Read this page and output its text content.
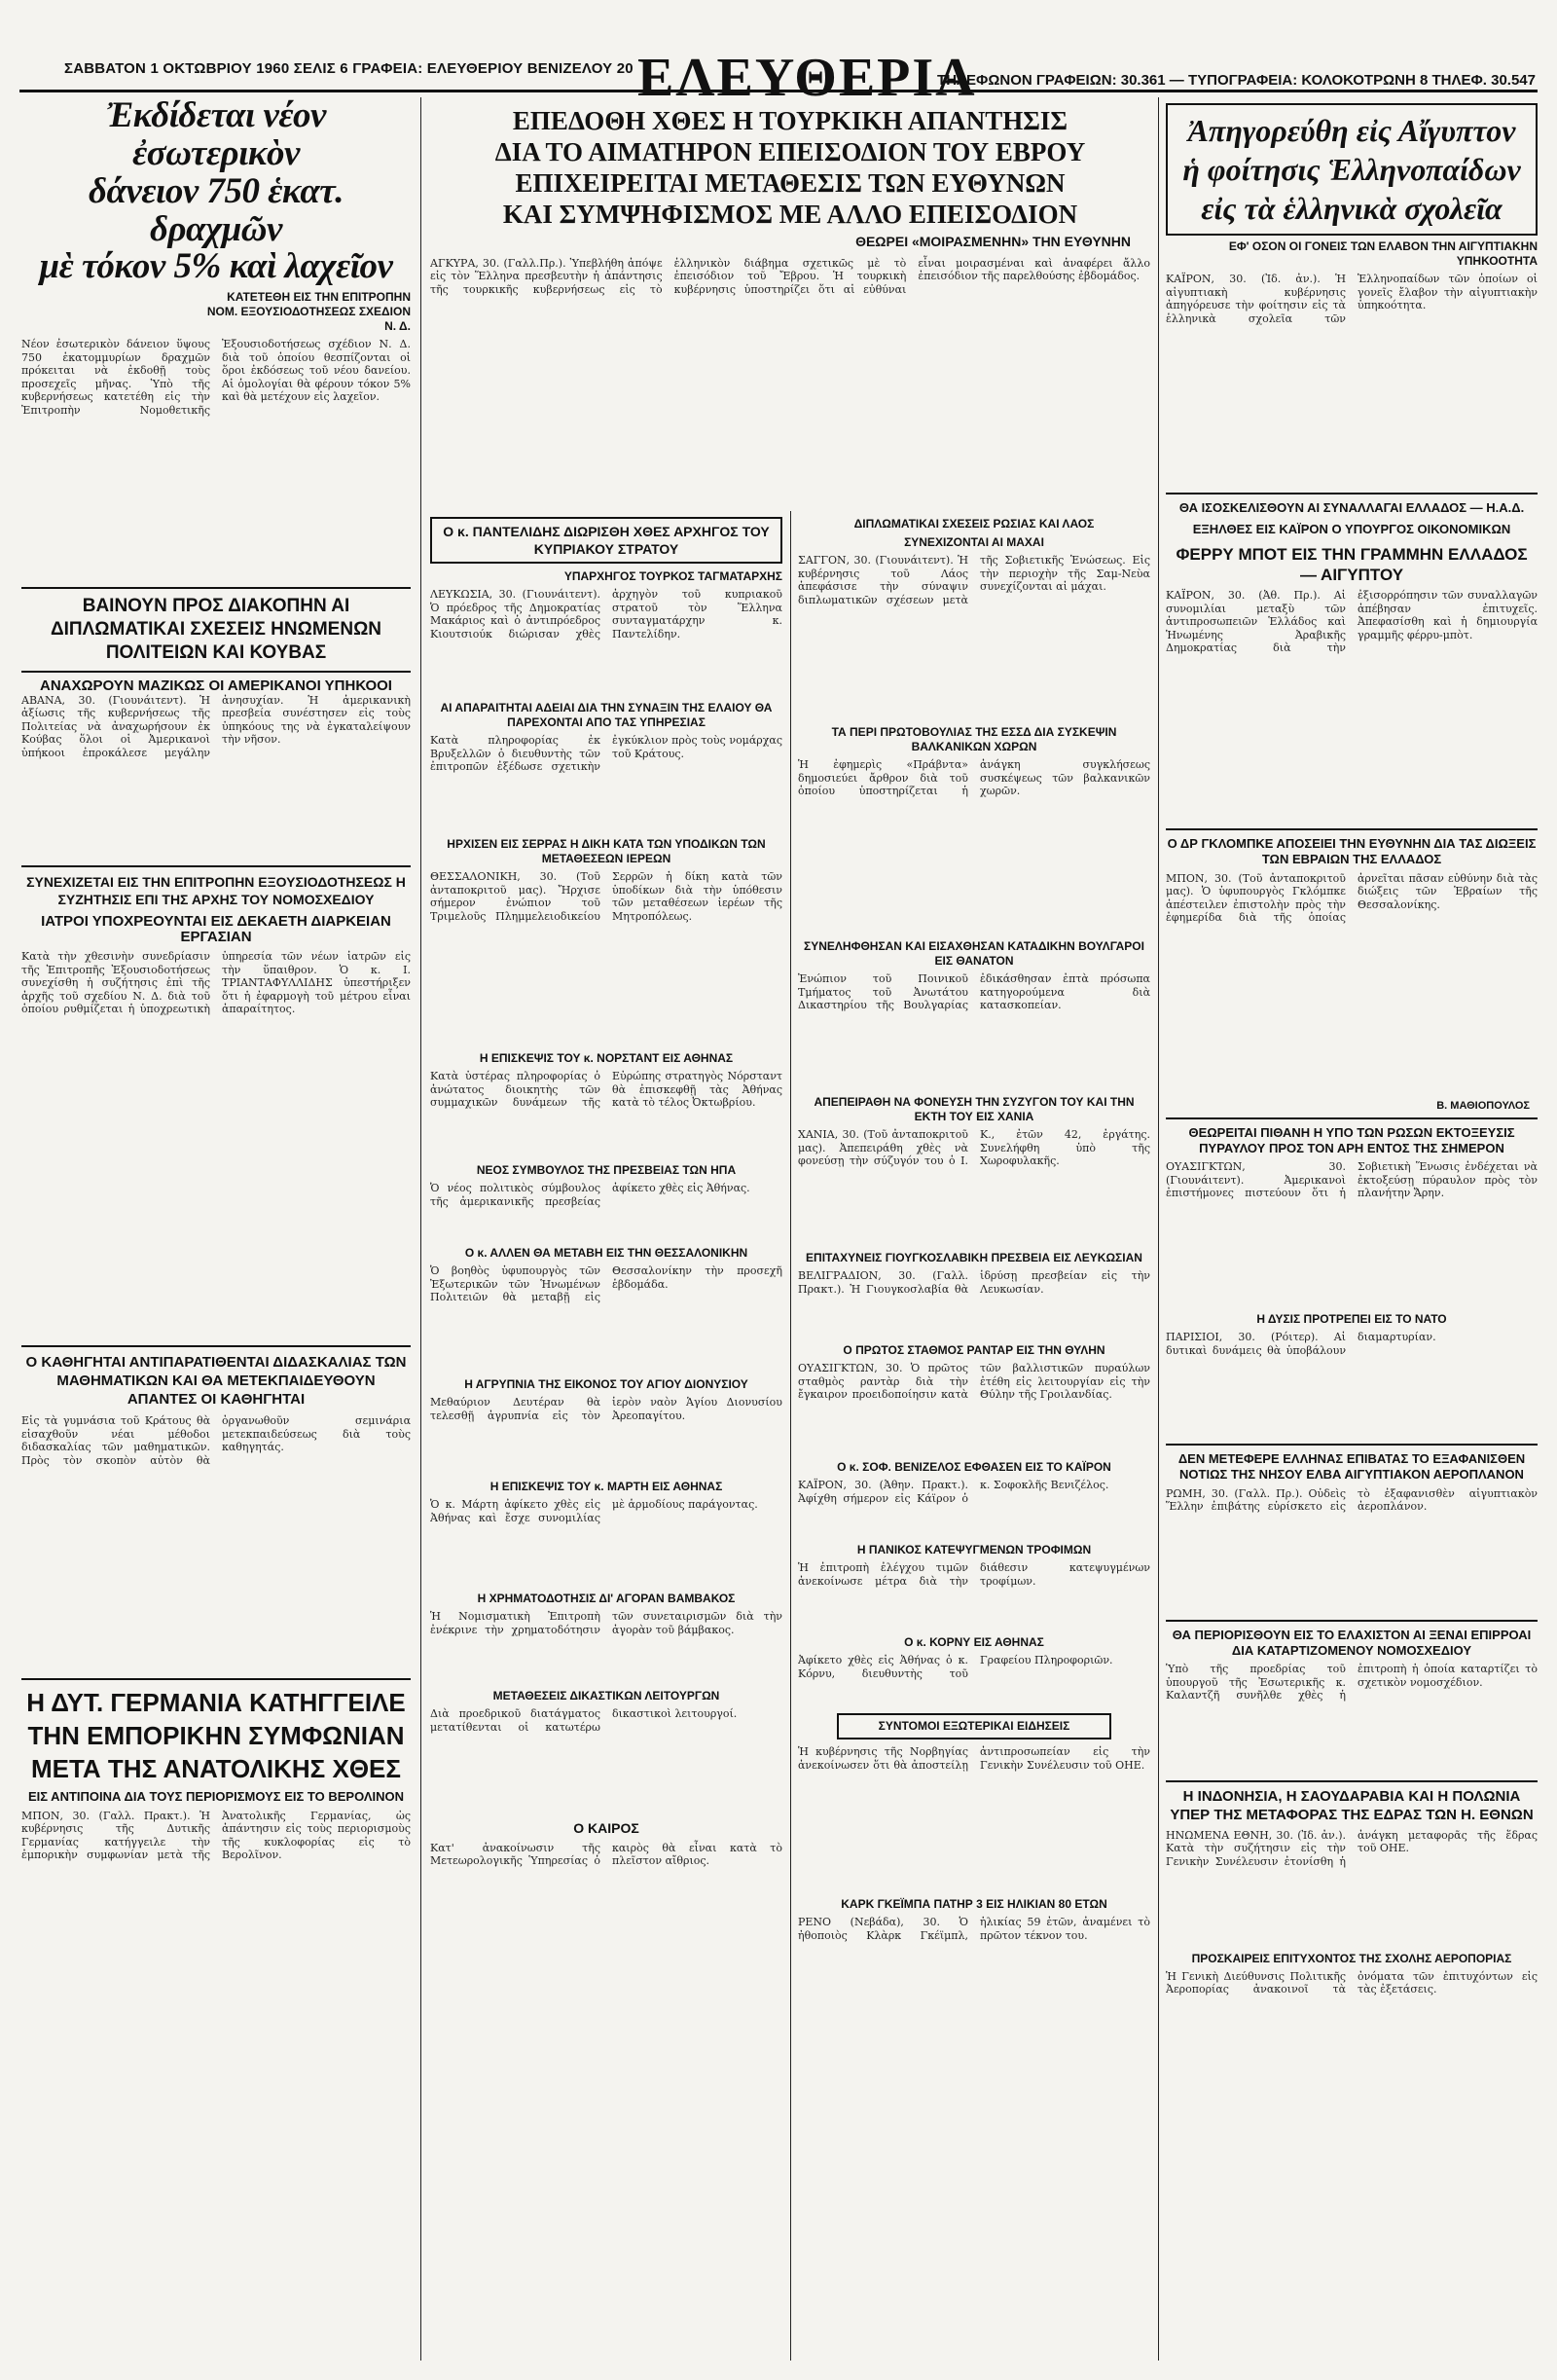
ΣΑΒΒΑΤΟΝ 1 ΟΚΤΩΒΡΙΟΥ 1960 ΣΕΛΙΣ 6 ΓΡΑΦΕΙΑ: ΕΛΕΥΘΕΡΙΟΥ ΒΕΝΙΖΕΛΟΥ 20 ΕΛΕΥΘΕΡΙΑ
ΤΗΛΕΦΩΝΟΝ ΓΡΑΦΕΙΩΝ: 30.361 — ΤΥΠΟΓΡΑΦΕΙΑ: ΚΟΛΟΚΟΤΡΩΝΗ 8 ΤΗΛΕΦ. 30.547

Ἐκδίδεται νέον ἐσωτερικὸν

δάνειον 750 ἑκατ. δραχμῶν

μὲ τόκον 5% καὶ λαχεῖον

ΚΑΤΕΤΕΘΗ ΕΙΣ ΤΗΝ ΕΠΙΤΡΟΠΗΝ ΝΟΜ. ΕΞΟΥΣΙΟΔΟΤΗΣΕΩΣ ΣΧΕΔΙΟΝ Ν. Δ.

Νέον ἐσωτερικὸν δάνειον ὕψους 750 ἑκατομμυρίων δραχμῶν πρόκειται νὰ ἐκδοθῇ τοὺς προσεχεῖς μῆνας. Ὑπὸ τῆς κυβερνήσεως κατετέθη εἰς τὴν Ἐπιτροπὴν Νομοθετικῆς Ἐξουσιοδοτήσεως σχέδιον Ν. Δ. διὰ τοῦ ὁποίου θεσπίζονται οἱ ὅροι ἐκδόσεως τοῦ νέου δανείου. Αἱ ὁμολογίαι θὰ φέρουν τόκον 5% καὶ θὰ μετέχουν εἰς λαχεῖον.

ΒΑΙΝΟΥΝ ΠΡΟΣ ΔΙΑΚΟΠΗΝ ΑΙ ΔΙΠΛΩΜΑΤΙΚΑΙ ΣΧΕΣΕΙΣ ΗΝΩΜΕΝΩΝ ΠΟΛΙΤΕΙΩΝ ΚΑΙ ΚΟΥΒΑΣ

ΑΝΑΧΩΡΟΥΝ ΜΑΖΙΚΩΣ ΟΙ ΑΜΕΡΙΚΑΝΟΙ ΥΠΗΚΟΟΙ

ΑΒΑΝΑ, 30. (Γιουνάιτεντ). Ἡ ἀξίωσις τῆς κυβερνήσεως τῆς Πολιτείας νὰ ἀναχωρήσουν ἐκ Κούβας ὅλοι οἱ Ἀμερικανοὶ ὑπήκοοι ἐπροκάλεσε μεγάλην ἀνησυχίαν. Ἡ ἀμερικανικὴ πρεσβεία συνέστησεν εἰς τοὺς ὑπηκόους της νὰ ἐγκαταλείψουν τὴν νῆσον.

ΣΥΝΕΧΙΖΕΤΑΙ ΕΙΣ ΤΗΝ ΕΠΙΤΡΟΠΗΝ ΕΞΟΥΣΙΟΔΟΤΗΣΕΩΣ Η ΣΥΖΗΤΗΣΙΣ ΕΠΙ ΤΗΣ ΑΡΧΗΣ ΤΟΥ ΝΟΜΟΣΧΕΔΙΟΥ

ΙΑΤΡΟΙ ΥΠΟΧΡΕΟΥΝΤΑΙ ΕΙΣ ΔΕΚΑΕΤΗ ΔΙΑΡΚΕΙΑΝ ΕΡΓΑΣΙΑΝ

Κατὰ τὴν χθεσινὴν συνεδρίασιν τῆς Ἐπιτροπῆς Ἐξουσιοδοτήσεως συνεχίσθη ἡ συζήτησις ἐπὶ τῆς ἀρχῆς τοῦ σχεδίου Ν. Δ. διὰ τοῦ ὁποίου ρυθμίζεται ἡ ὑποχρεωτικὴ ὑπηρεσία τῶν νέων ἰατρῶν εἰς τὴν ὕπαιθρον. Ὁ κ. Ι. ΤΡΙΑΝΤΑΦΥΛΛΙΔΗΣ ὑπεστήριξεν ὅτι ἡ ἐφαρμογὴ τοῦ μέτρου εἶναι ἀπαραίτητος.

Ο ΚΑΘΗΓΗΤΑΙ ΑΝΤΙΠΑΡΑΤΙΘΕΝΤΑΙ ΔΙΔΑΣΚΑΛΙΑΣ ΤΩΝ ΜΑΘΗΜΑΤΙΚΩΝ ΚΑΙ ΘΑ ΜΕΤΕΚΠΑΙΔΕΥΘΟΥΝ ΑΠΑΝΤΕΣ ΟΙ ΚΑΘΗΓΗΤΑΙ

Εἰς τὰ γυμνάσια τοῦ Κράτους θὰ εἰσαχθοῦν νέαι μέθοδοι διδασκαλίας τῶν μαθηματικῶν. Πρὸς τὸν σκοπὸν αὐτὸν θὰ ὀργανωθοῦν σεμινάρια μετεκπαιδεύσεως διὰ τοὺς καθηγητάς.

Η ΔΥΤ. ΓΕΡΜΑΝΙΑ ΚΑΤΗΓΓΕΙΛΕ ΤΗΝ ΕΜΠΟΡΙΚΗΝ ΣΥΜΦΩΝΙΑΝ ΜΕΤΑ ΤΗΣ ΑΝΑΤΟΛΙΚΗΣ ΧΘΕΣ

ΕΙΣ ΑΝΤΙΠΟΙΝΑ ΔΙΑ ΤΟΥΣ ΠΕΡΙΟΡΙΣΜΟΥΣ ΕΙΣ ΤΟ ΒΕΡΟΛΙΝΟΝ

ΜΠΟΝ, 30. (Γαλλ. Πρακτ.). Ἡ κυβέρνησις τῆς Δυτικῆς Γερμανίας κατήγγειλε τὴν ἐμπορικὴν συμφωνίαν μετὰ τῆς Ἀνατολικῆς Γερμανίας, ὡς ἀπάντησιν εἰς τοὺς περιορισμοὺς τῆς κυκλοφορίας εἰς τὸ Βερολῖνον.

ΕΠΕΔΟΘΗ ΧΘΕΣ Η ΤΟΥΡΚΙΚΗ ΑΠΑΝΤΗΣΙΣ

ΔΙΑ ΤΟ ΑΙΜΑΤΗΡΟΝ ΕΠΕΙΣΟΔΙΟΝ ΤΟΥ ΕΒΡΟΥ

ΕΠΙΧΕΙΡΕΙΤΑΙ ΜΕΤΑΘΕΣΙΣ ΤΩΝ ΕΥΘΥΝΩΝ

ΚΑΙ ΣΥΜΨΗΦΙΣΜΟΣ ΜΕ ΑΛΛΟ ΕΠΕΙΣΟΔΙΟΝ

ΘΕΩΡΕΙ «ΜΟΙΡΑΣΜΕΝΗΝ» ΤΗΝ ΕΥΘΥΝΗΝ

ΑΓΚΥΡΑ, 30. (Γαλλ.Πρ.). Ὑπεβλήθη ἀπόψε εἰς τὸν Ἕλληνα πρεσβευτὴν ἡ ἀπάντησις τῆς τουρκικῆς κυβερνήσεως εἰς τὸ ἑλληνικὸν διάβημα σχετικῶς μὲ τὸ ἐπεισόδιον τοῦ Ἔβρου. Ἡ τουρκικὴ κυβέρνησις ὑποστηρίζει ὅτι αἱ εὐθύναι εἶναι μοιρασμέναι καὶ ἀναφέρει ἄλλο ἐπεισόδιον τῆς παρελθούσης ἐβδομάδος.

Ο κ. ΠΑΝΤΕΛΙΔΗΣ ΔΙΩΡΙΣΘΗ ΧΘΕΣ ΑΡΧΗΓΟΣ ΤΟΥ ΚΥΠΡΙΑΚΟΥ ΣΤΡΑΤΟΥ

ΥΠΑΡΧΗΓΟΣ ΤΟΥΡΚΟΣ ΤΑΓΜΑΤΑΡΧΗΣ

ΛΕΥΚΩΣΙΑ, 30. (Γιουνάιτεντ). Ὁ πρόεδρος τῆς Δημοκρατίας Μακάριος καὶ ὁ ἀντιπρόεδρος Κιουτσιούκ διώρισαν χθὲς ἀρχηγὸν τοῦ κυπριακοῦ στρατοῦ τὸν Ἕλληνα συνταγματάρχην κ. Παντελίδην.

ΑΙ ΑΠΑΡΑΙΤΗΤΑΙ ΑΔΕΙΑΙ ΔΙΑ ΤΗΝ ΣΥΝΑΞΙΝ ΤΗΣ ΕΛΑΙΟΥ ΘΑ ΠΑΡΕΧΟΝΤΑΙ ΑΠΟ ΤΑΣ ΥΠΗΡΕΣΙΑΣ

Κατὰ πληροφορίας ἐκ Βρυξελλῶν ὁ διευθυντὴς τῶν ἐπιτροπῶν ἐξέδωσε σχετικὴν ἐγκύκλιον πρὸς τοὺς νομάρχας τοῦ Κράτους.

ΗΡΧΙΣΕΝ ΕΙΣ ΣΕΡΡΑΣ Η ΔΙΚΗ ΚΑΤΑ ΤΩΝ ΥΠΟΔΙΚΩΝ ΤΩΝ ΜΕΤΑΘΕΣΕΩΝ ΙΕΡΕΩΝ

ΘΕΣΣΑΛΟΝΙΚΗ, 30. (Τοῦ ἀνταποκριτοῦ μας). Ἤρχισε σήμερον ἐνώπιον τοῦ Τριμελοῦς Πλημμελειοδικείου Σερρῶν ἡ δίκη κατὰ τῶν ὑποδίκων διὰ τὴν ὑπόθεσιν τῶν μεταθέσεων ἱερέων τῆς Μητροπόλεως.

Η ΕΠΙΣΚΕΨΙΣ ΤΟΥ κ. ΝΟΡΣΤΑΝΤ ΕΙΣ ΑΘΗΝΑΣ

Κατὰ ὑστέρας πληροφορίας ὁ ἀνώτατος διοικητὴς τῶν συμμαχικῶν δυνάμεων τῆς Εὐρώπης στρατηγὸς Νόρσταντ θὰ ἐπισκεφθῇ τὰς Ἀθήνας κατὰ τὸ τέλος Ὀκτωβρίου.

ΝΕΟΣ ΣΥΜΒΟΥΛΟΣ ΤΗΣ ΠΡΕΣΒΕΙΑΣ ΤΩΝ ΗΠΑ

Ὁ νέος πολιτικὸς σύμβουλος τῆς ἀμερικανικῆς πρεσβείας ἀφίκετο χθὲς εἰς Ἀθήνας.

Ο κ. ΑΛΛΕΝ ΘΑ ΜΕΤΑΒΗ ΕΙΣ ΤΗΝ ΘΕΣΣΑΛΟΝΙΚΗΝ

Ὁ βοηθὸς ὑφυπουργὸς τῶν Ἐξωτερικῶν τῶν Ἡνωμένων Πολιτειῶν θὰ μεταβῇ εἰς Θεσσαλονίκην τὴν προσεχῆ ἑβδομάδα.

Η ΑΓΡΥΠΝΙΑ ΤΗΣ ΕΙΚΟΝΟΣ ΤΟΥ ΑΓΙΟΥ ΔΙΟΝΥΣΙΟΥ

Μεθαύριον Δευτέραν θὰ τελεσθῇ ἀγρυπνία εἰς τὸν ἱερὸν ναὸν Ἁγίου Διονυσίου Ἀρεοπαγίτου.

Η ΕΠΙΣΚΕΨΙΣ ΤΟΥ κ. ΜΑΡΤΗ ΕΙΣ ΑΘΗΝΑΣ

Ὁ κ. Μάρτη ἀφίκετο χθὲς εἰς Ἀθήνας καὶ ἔσχε συνομιλίας μὲ ἁρμοδίους παράγοντας.

Η ΧΡΗΜΑΤΟΔΟΤΗΣΙΣ ΔΙ' ΑΓΟΡΑΝ ΒΑΜΒΑΚΟΣ

Ἡ Νομισματικὴ Ἐπιτροπὴ ἐνέκρινε τὴν χρηματοδότησιν τῶν συνεταιρισμῶν διὰ τὴν ἀγορὰν τοῦ βάμβακος.

ΜΕΤΑΘΕΣΕΙΣ ΔΙΚΑΣΤΙΚΩΝ ΛΕΙΤΟΥΡΓΩΝ

Διὰ προεδρικοῦ διατάγματος μετατίθενται οἱ κατωτέρω δικαστικοὶ λειτουργοί.

Ο ΚΑΙΡΟΣ

Κατ' ἀνακοίνωσιν τῆς Μετεωρολογικῆς Ὑπηρεσίας ὁ καιρὸς θὰ εἶναι κατὰ τὸ πλεῖστον αἴθριος.

ΔΙΠΛΩΜΑΤΙΚΑΙ ΣΧΕΣΕΙΣ ΡΩΣΙΑΣ ΚΑΙ ΛΑΟΣ

ΣΥΝΕΧΙΖΟΝΤΑΙ ΑΙ ΜΑΧΑΙ

ΣΑΓΓΟΝ, 30. (Γιουνάιτεντ). Ἡ κυβέρνησις τοῦ Λάος ἀπεφάσισε τὴν σύναψιν διπλωματικῶν σχέσεων μετὰ τῆς Σοβιετικῆς Ἑνώσεως. Εἰς τὴν περιοχὴν τῆς Σαμ-Νεὺα συνεχίζονται αἱ μάχαι.

ΤΑ ΠΕΡΙ ΠΡΩΤΟΒΟΥΛΙΑΣ ΤΗΣ ΕΣΣΔ ΔΙΑ ΣΥΣΚΕΨΙΝ ΒΑΛΚΑΝΙΚΩΝ ΧΩΡΩΝ

Ἡ ἐφημερὶς «Πράβντα» δημοσιεύει ἄρθρον διὰ τοῦ ὁποίου ὑποστηρίζεται ἡ ἀνάγκη συγκλήσεως συσκέψεως τῶν βαλκανικῶν χωρῶν.

ΣΥΝΕΛΗΦΘΗΣΑΝ ΚΑΙ ΕΙΣΑΧΘΗΣΑΝ ΚΑΤΑΔΙΚΗΝ ΒΟΥΛΓΑΡΟΙ ΕΙΣ ΘΑΝΑΤΟΝ

Ἐνώπιον τοῦ Ποινικοῦ Τμήματος τοῦ Ἀνωτάτου Δικαστηρίου τῆς Βουλγαρίας ἐδικάσθησαν ἐπτὰ πρόσωπα κατηγορούμενα διὰ κατασκοπείαν.

ΑΠΕΠΕΙΡΑΘΗ ΝΑ ΦΟΝΕΥΣΗ ΤΗΝ ΣΥΖΥΓΟΝ ΤΟΥ ΚΑΙ ΤΗΝ ΕΚΤΗ ΤΟΥ ΕΙΣ ΧΑΝΙΑ

ΧΑΝΙΑ, 30. (Τοῦ ἀνταποκριτοῦ μας). Ἀπεπειράθη χθὲς νὰ φονεύσῃ τὴν σύζυγόν του ὁ Ι. Κ., ἐτῶν 42, ἐργάτης. Συνελήφθη ὑπὸ τῆς Χωροφυλακῆς.

ΕΠΙΤΑΧΥΝΕΙΣ ΓΙΟΥΓΚΟΣΛΑΒΙΚΗ ΠΡΕΣΒΕΙΑ ΕΙΣ ΛΕΥΚΩΣΙΑΝ

ΒΕΛΙΓΡΑΔΙΟΝ, 30. (Γαλλ. Πρακτ.). Ἡ Γιουγκοσλαβία θὰ ἱδρύσῃ πρεσβείαν εἰς τὴν Λευκωσίαν.

Ο ΠΡΩΤΟΣ ΣΤΑΘΜΟΣ ΡΑΝΤΑΡ ΕΙΣ ΤΗΝ ΘΥΛΗΝ

ΟΥΑΣΙΓΚΤΩΝ, 30. Ὁ πρῶτος σταθμὸς ραντὰρ διὰ τὴν ἔγκαιρον προειδοποίησιν κατὰ τῶν βαλλιστικῶν πυραύλων ἐτέθη εἰς λειτουργίαν εἰς τὴν Θύλην τῆς Γροιλανδίας.

Ο κ. ΣΟΦ. ΒΕΝΙΖΕΛΟΣ ΕΦΘΑΣΕΝ ΕΙΣ ΤΟ ΚΑΪΡΟΝ

ΚΑΪΡΟΝ, 30. (Ἀθην. Πρακτ.). Ἀφίχθη σήμερον εἰς Κάϊρον ὁ κ. Σοφοκλῆς Βενιζέλος.

Η ΠΑΝΙΚΟΣ ΚΑΤΕΨΥΓΜΕΝΩΝ ΤΡΟΦΙΜΩΝ

Ἡ ἐπιτροπὴ ἐλέγχου τιμῶν ἀνεκοίνωσε μέτρα διὰ τὴν διάθεσιν κατεψυγμένων τροφίμων.

Ο κ. ΚΟΡΝΥ ΕΙΣ ΑΘΗΝΑΣ

Ἀφίκετο χθὲς εἰς Ἀθήνας ὁ κ. Κόρνυ, διευθυντὴς τοῦ Γραφείου Πληροφοριῶν.

ΣΥΝΤΟΜΟΙ ΕΞΩΤΕΡΙΚΑΙ ΕΙΔΗΣΕΙΣ

Ἡ κυβέρνησις τῆς Νορβηγίας ἀνεκοίνωσεν ὅτι θὰ ἀποστείλῃ ἀντιπροσωπείαν εἰς τὴν Γενικὴν Συνέλευσιν τοῦ ΟΗΕ.

ΚΑΡΚ ΓΚΕΪΜΠΑ ΠΑΤΗΡ 3 ΕΙΣ ΗΛΙΚΙΑΝ 80 ΕΤΩΝ

ΡΕΝΟ (Νεβάδα), 30. Ὁ ἠθοποιὸς Κλὰρκ Γκέϊμπλ, ἡλικίας 59 ἐτῶν, ἀναμένει τὸ πρῶτον τέκνον του.

Ἀπηγορεύθη εἰς Αἴγυπτον

ἡ φοίτησις Ἑλληνοπαίδων

εἰς τὰ ἑλληνικὰ σχολεῖα

ΕΦ' ΟΣΟΝ ΟΙ ΓΟΝΕΙΣ ΤΩΝ ΕΛΑΒΟΝ ΤΗΝ ΑΙΓΥΠΤΙΑΚΗΝ ΥΠΗΚΟΟΤΗΤΑ

ΚΑΪΡΟΝ, 30. (Ἰδ. ἀν.). Ἡ αἰγυπτιακὴ κυβέρνησις ἀπηγόρευσε τὴν φοίτησιν εἰς τὰ ἑλληνικὰ σχολεῖα τῶν Ἑλληνοπαίδων τῶν ὁποίων οἱ γονεῖς ἔλαβον τὴν αἰγυπτιακὴν ὑπηκοότητα.

ΘΑ ΙΣΟΣΚΕΛΙΣΘΟΥΝ ΑΙ ΣΥΝΑΛΛΑΓΑΙ ΕΛΛΑΔΟΣ — Η.Α.Δ.

ΕΞΗΛΘΕΣ ΕΙΣ ΚΑΪΡΟΝ Ο ΥΠΟΥΡΓΟΣ ΟΙΚΟΝΟΜΙΚΩΝ

ΦΕΡΡΥ ΜΠΟΤ ΕΙΣ ΤΗΝ ΓΡΑΜΜΗΝ ΕΛΛΑΔΟΣ — ΑΙΓΥΠΤΟΥ

ΚΑΪΡΟΝ, 30. (Ἀθ. Πρ.). Αἱ συνομιλίαι μεταξὺ τῶν ἀντιπροσωπειῶν Ἑλλάδος καὶ Ἡνωμένης Ἀραβικῆς Δημοκρατίας διὰ τὴν ἐξισορρόπησιν τῶν συναλλαγῶν ἀπέβησαν ἐπιτυχεῖς. Ἀπεφασίσθη καὶ ἡ δημιουργία γραμμῆς φέρρυ-μπὸτ.

Ο ΔΡ ΓΚΛΟΜΠΚΕ ΑΠΟΣΕΙΕΙ ΤΗΝ ΕΥΘΥΝΗΝ ΔΙΑ ΤΑΣ ΔΙΩΞΕΙΣ ΤΩΝ ΕΒΡΑΙΩΝ ΤΗΣ ΕΛΛΑΔΟΣ

ΜΠΟΝ, 30. (Τοῦ ἀνταποκριτοῦ μας). Ὁ ὑφυπουργὸς Γκλόμπκε ἀπέστειλεν ἐπιστολὴν πρὸς τὴν ἐφημερίδα διὰ τῆς ὁποίας ἀρνεῖται πᾶσαν εὐθύνην διὰ τὰς διώξεις τῶν Ἑβραίων τῆς Θεσσαλονίκης.

Β. ΜΑΘΙΟΠΟΥΛΟΣ

ΘΕΩΡΕΙΤΑΙ ΠΙΘΑΝΗ Η ΥΠΟ ΤΩΝ ΡΩΣΩΝ ΕΚΤΟΞΕΥΣΙΣ ΠΥΡΑΥΛΟΥ ΠΡΟΣ ΤΟΝ ΑΡΗ ΕΝΤΟΣ ΤΗΣ ΣΗΜΕΡΟΝ

ΟΥΑΣΙΓΚΤΩΝ, 30. (Γιουνάιτεντ). Ἀμερικανοὶ ἐπιστήμονες πιστεύουν ὅτι ἡ Σοβιετικὴ Ἕνωσις ἐνδέχεται νὰ ἐκτοξεύσῃ πύραυλον πρὸς τὸν πλανήτην Ἄρην.

Η ΔΥΣΙΣ ΠΡΟΤΡΕΠΕΙ ΕΙΣ ΤΟ ΝΑΤΟ

ΠΑΡΙΣΙΟΙ, 30. (Ρόιτερ). Αἱ δυτικαὶ δυνάμεις θὰ ὑποβάλουν διαμαρτυρίαν.

ΔΕΝ ΜΕΤΕΦΕΡΕ ΕΛΛΗΝΑΣ ΕΠΙΒΑΤΑΣ ΤΟ ΕΞΑΦΑΝΙΣΘΕΝ ΝΟΤΙΩΣ ΤΗΣ ΝΗΣΟΥ ΕΛΒΑ ΑΙΓΥΠΤΙΑΚΟΝ ΑΕΡΟΠΛΑΝΟΝ

ΡΩΜΗ, 30. (Γαλλ. Πρ.). Οὐδεὶς Ἕλλην ἐπιβάτης εὑρίσκετο εἰς τὸ ἐξαφανισθὲν αἰγυπτιακὸν ἀεροπλάνον.

ΘΑ ΠΕΡΙΟΡΙΣΘΟΥΝ ΕΙΣ ΤΟ ΕΛΑΧΙΣΤΟΝ ΑΙ ΞΕΝΑΙ ΕΠΙΡΡΟΑΙ ΔΙΑ ΚΑΤΑΡΤΙΖΟΜΕΝΟΥ ΝΟΜΟΣΧΕΔΙΟΥ

Ὑπὸ τῆς προεδρίας τοῦ ὑπουργοῦ τῆς Ἐσωτερικῆς κ. Καλαντζῆ συνῆλθε χθὲς ἡ ἐπιτροπὴ ἡ ὁποία καταρτίζει τὸ σχετικὸν νομοσχέδιον.

Η ΙΝΔΟΝΗΣΙΑ, Η ΣΑΟΥΔΑΡΑΒΙΑ ΚΑΙ Η ΠΟΛΩΝΙΑ ΥΠΕΡ ΤΗΣ ΜΕΤΑΦΟΡΑΣ ΤΗΣ ΕΔΡΑΣ ΤΩΝ Η. ΕΘΝΩΝ

ΗΝΩΜΕΝΑ ΕΘΝΗ, 30. (Ἰδ. ἀν.). Κατὰ τὴν συζήτησιν εἰς τὴν Γενικὴν Συνέλευσιν ἐτονίσθη ἡ ἀνάγκη μεταφορᾶς τῆς ἕδρας τοῦ ΟΗΕ.

ΠΡΟΣΚΑΙΡΕΙΣ ΕΠΙΤΥΧΟΝΤΟΣ ΤΗΣ ΣΧΟΛΗΣ ΑΕΡΟΠΟΡΙΑΣ

Ἡ Γενικὴ Διεύθυνσις Πολιτικῆς Ἀεροπορίας ἀνακοινοῖ τὰ ὀνόματα τῶν ἐπιτυχόντων εἰς τὰς ἐξετάσεις.
